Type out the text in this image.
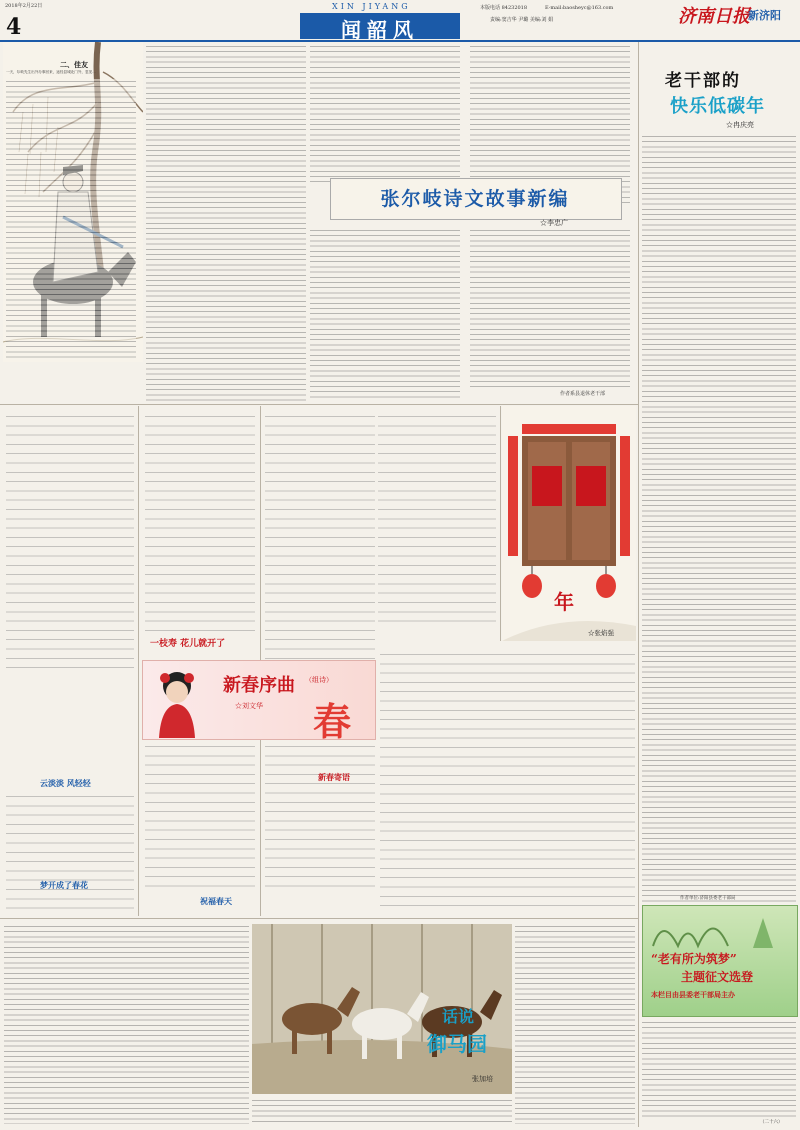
2018年2月22日
4
XIN JIYANG
闻韶风
本版电话 84232018	E-mail:baosheyc@163.com
责编:窦吉华 尹璐 美编:刘 娟	济南日报
新济阳
二、佳友
一天，尔岐先生出外办事回来，途经县城北门外，忽见...
张尔岐诗文故事新编
☆李忠广
作者系县退休老干部
老干部的
快乐低碳年
☆冉庆亮
“老有所为筑梦”
主题征文选登
本栏目由县委老干部局主办
作者单位:济阳县委老干部局
（二十六）
一枝寿 花儿就开了
新春序曲 （组诗）
☆刘文华 春
年
☆张焰强
云淡淡 风轻轻
梦开成了春花
祝福春天
新春寄语
话说
御马园
张加培
